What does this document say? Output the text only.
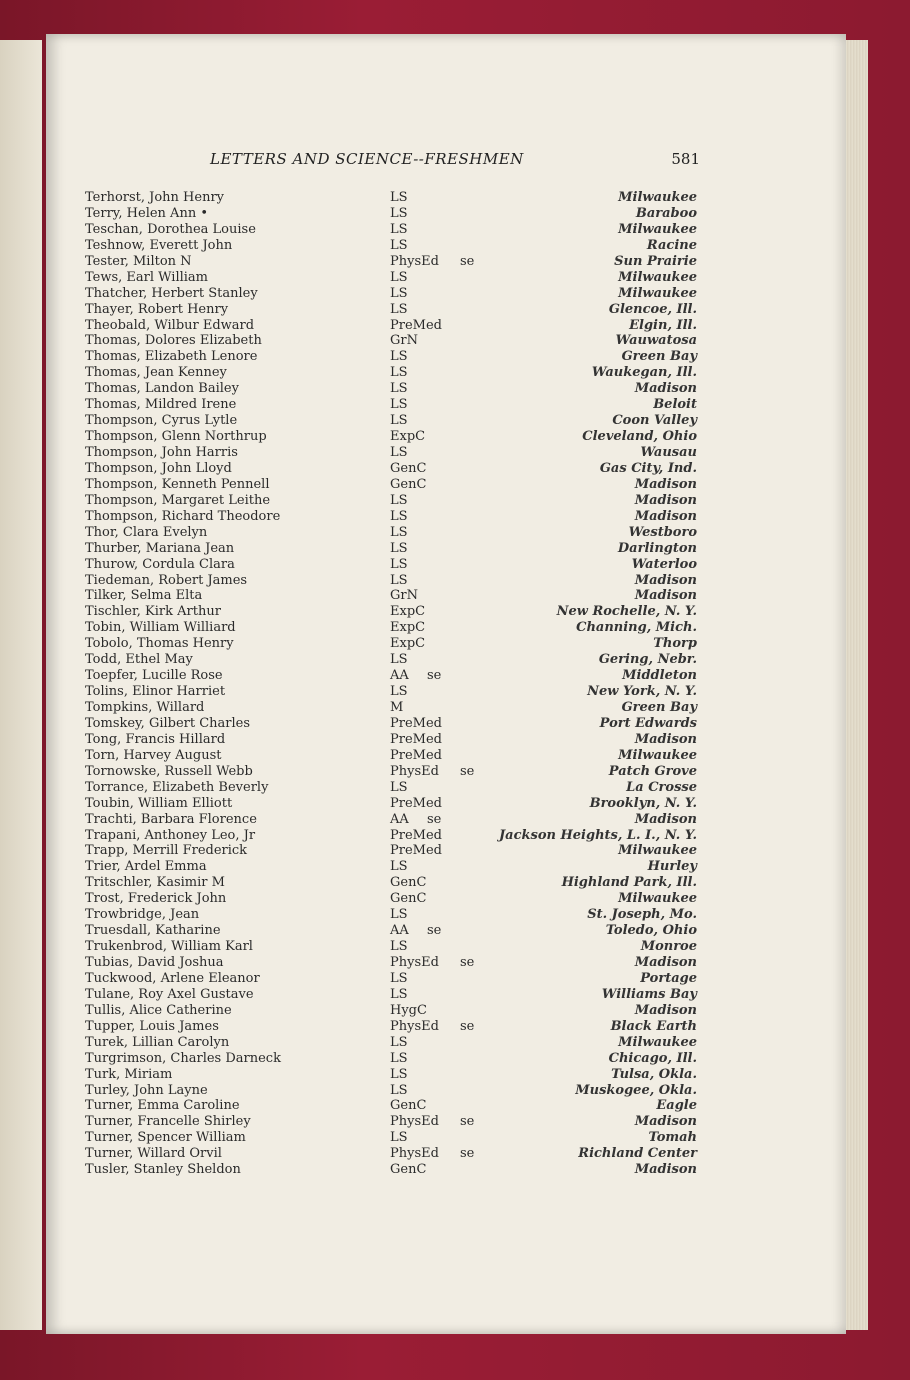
LETTERS AND SCIENCE--FRESHMEN	581
Terhorst, John Henry	LS	Milwaukee
Terry, Helen Ann •	LS	Baraboo
Teschan, Dorothea Louise	LS	Milwaukee
Teshnow, Everett John	LS	Racine
Tester, Milton N	PhysEd se	Sun Prairie
Tews, Earl William	LS	Milwaukee
Thatcher, Herbert Stanley	LS	Milwaukee
Thayer, Robert Henry	LS	Glencoe, Ill.
Theobald, Wilbur Edward	PreMed	Elgin, Ill.
Thomas, Dolores Elizabeth	GrN	Wauwatosa
Thomas, Elizabeth Lenore	LS	Green Bay
Thomas, Jean Kenney	LS	Waukegan, Ill.
Thomas, Landon Bailey	LS	Madison
Thomas, Mildred Irene	LS	Beloit
Thompson, Cyrus Lytle	LS	Coon Valley
Thompson, Glenn Northrup	ExpC	Cleveland, Ohio
Thompson, John Harris	LS	Wausau
Thompson, John Lloyd	GenC	Gas City, Ind.
Thompson, Kenneth Pennell	GenC	Madison
Thompson, Margaret Leithe	LS	Madison
Thompson, Richard Theodore	LS	Madison
Thor, Clara Evelyn	LS	Westboro
Thurber, Mariana Jean	LS	Darlington
Thurow, Cordula Clara	LS	Waterloo
Tiedeman, Robert James	LS	Madison
Tilker, Selma Elta	GrN	Madison
Tischler, Kirk Arthur	ExpC	New Rochelle, N. Y.
Tobin, William Williard	ExpC	Channing, Mich.
Tobolo, Thomas Henry	ExpC	Thorp
Todd, Ethel May	LS	Gering, Nebr.
Toepfer, Lucille Rose	AA se	Middleton
Tolins, Elinor Harriet	LS	New York, N. Y.
Tompkins, Willard	M	Green Bay
Tomskey, Gilbert Charles	PreMed	Port Edwards
Tong, Francis Hillard	PreMed	Madison
Torn, Harvey August	PreMed	Milwaukee
Tornowske, Russell Webb	PhysEd se	Patch Grove
Torrance, Elizabeth Beverly	LS	La Crosse
Toubin, William Elliott	PreMed	Brooklyn, N. Y.
Trachti, Barbara Florence	AA se	Madison
Trapani, Anthoney Leo, Jr	PreMed	Jackson Heights, L. I., N. Y.
Trapp, Merrill Frederick	PreMed	Milwaukee
Trier, Ardel Emma	LS	Hurley
Tritschler, Kasimir M	GenC	Highland Park, Ill.
Trost, Frederick John	GenC	Milwaukee
Trowbridge, Jean	LS	St. Joseph, Mo.
Truesdall, Katharine	AA se	Toledo, Ohio
Trukenbrod, William Karl	LS	Monroe
Tubias, David Joshua	PhysEd se	Madison
Tuckwood, Arlene Eleanor	LS	Portage
Tulane, Roy Axel Gustave	LS	Williams Bay
Tullis, Alice Catherine	HygC	Madison
Tupper, Louis James	PhysEd se	Black Earth
Turek, Lillian Carolyn	LS	Milwaukee
Turgrimson, Charles Darneck	LS	Chicago, Ill.
Turk, Miriam	LS	Tulsa, Okla.
Turley, John Layne	LS	Muskogee, Okla.
Turner, Emma Caroline	GenC	Eagle
Turner, Francelle Shirley	PhysEd se	Madison
Turner, Spencer William	LS	Tomah
Turner, Willard Orvil	PhysEd se	Richland Center
Tusler, Stanley Sheldon	GenC	Madison
